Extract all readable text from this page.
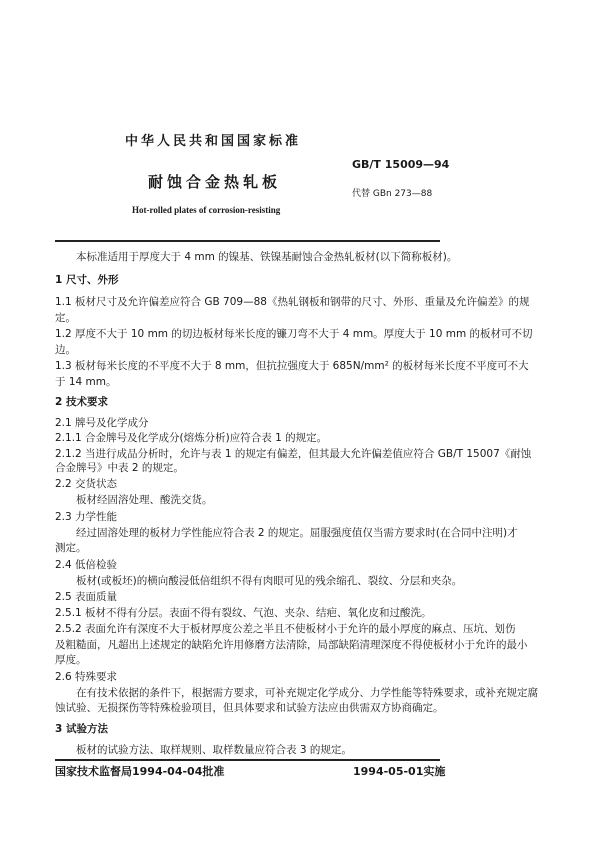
中华人民共和国国家标准
GB/T 15009—94
耐蚀合金热轧板
代替 GBn 273—88
Hot-rolled plates of corrosion-resisting
本标准适用于厚度大于 4 mm 的镍基、铁镍基耐蚀合金热轧板材(以下简称板材)。
1 尺寸、外形
1.1 板材尺寸及允许偏差应符合 GB 709—88《热轧钢板和钢带的尺寸、外形、重量及允许偏差》的规
定。
1.2 厚度不大于 10 mm 的切边板材每米长度的镰刀弯不大于 4 mm。厚度大于 10 mm 的板材可不切
边。
1.3 板材每米长度的不平度不大于 8 mm，但抗拉强度大于 685N/mm² 的板材每米长度不平度可不大
于 14 mm。
2 技术要求
2.1 牌号及化学成分
2.1.1 合金牌号及化学成分(熔炼分析)应符合表 1 的规定。
2.1.2 当进行成品分析时，允许与表 1 的规定有偏差，但其最大允许偏差值应符合 GB/T 15007《耐蚀
合金牌号》中表 2 的规定。
2.2 交货状态
板材经固溶处理、酸洗交货。
2.3 力学性能
经过固溶处理的板材力学性能应符合表 2 的规定。屈服强度值仅当需方要求时(在合同中注明)才
测定。
2.4 低倍检验
板材(或板坯)的横向酸浸低倍组织不得有肉眼可见的残余缩孔、裂纹、分层和夹杂。
2.5 表面质量
2.5.1 板材不得有分层。表面不得有裂纹、气泡、夹杂、结疤、氧化皮和过酸洗。
2.5.2 表面允许有深度不大于板材厚度公差之半且不使板材小于允许的最小厚度的麻点、压坑、划伤
及粗糙面，凡超出上述规定的缺陷允许用修磨方法清除，局部缺陷清理深度不得使板材小于允许的最小
厚度。
2.6 特殊要求
在有技术依据的条件下，根据需方要求，可补充规定化学成分、力学性能等特殊要求，或补充规定腐
蚀试验、无损探伤等特殊检验项目，但具体要求和试验方法应由供需双方协商确定。
3 试验方法
板材的试验方法、取样规则、取样数量应符合表 3 的规定。
国家技术监督局1994-04-04批准	1994-05-01实施
